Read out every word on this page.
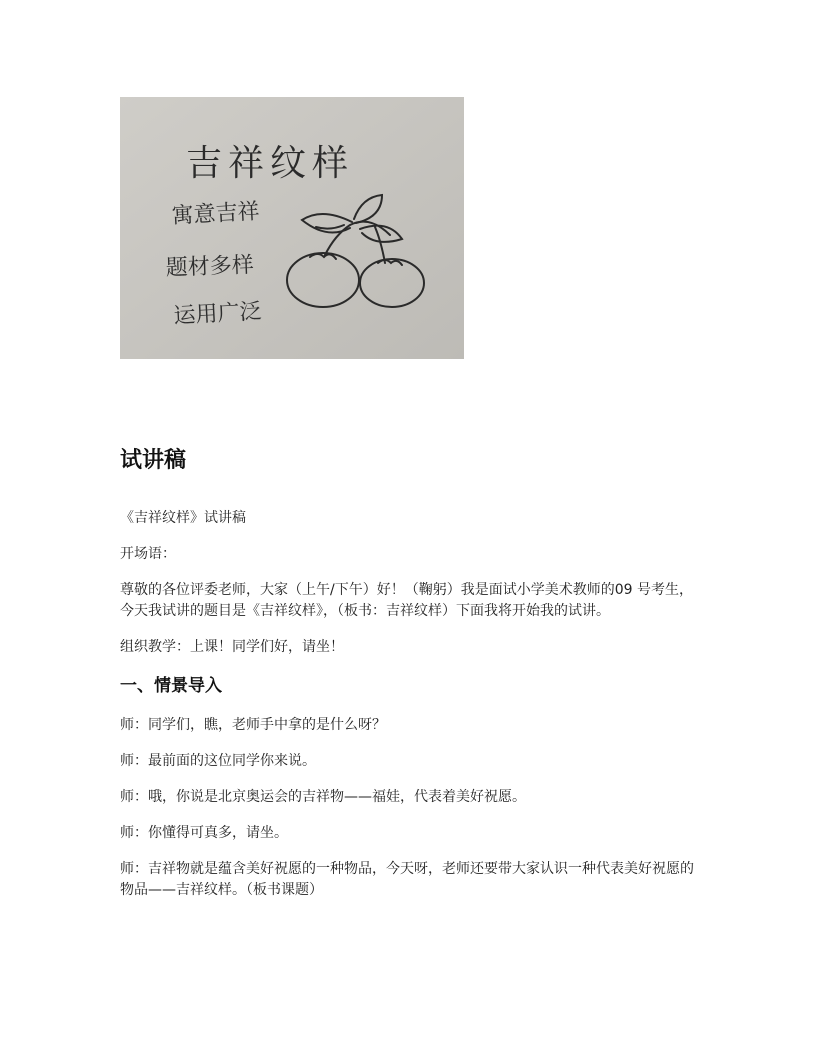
吉祥纹样
寓意吉祥
题材多样
运用广泛
试讲稿

《吉祥纹样》试讲稿

开场语：

尊敬的各位评委老师，大家（上午/下午）好！（鞠躬）我是面试小学美术教师的09 号考生，今天我试讲的题目是《吉祥纹样》，（板书：吉祥纹样）下面我将开始我的试讲。

组织教学：上课！同学们好，请坐！

一、情景导入

师：同学们，瞧，老师手中拿的是什么呀？

师：最前面的这位同学你来说。

师：哦，你说是北京奥运会的吉祥物——福娃，代表着美好祝愿。

师：你懂得可真多，请坐。

师：吉祥物就是蕴含美好祝愿的一种物品，今天呀，老师还要带大家认识一种代表美好祝愿的物品——吉祥纹样。（板书课题）
